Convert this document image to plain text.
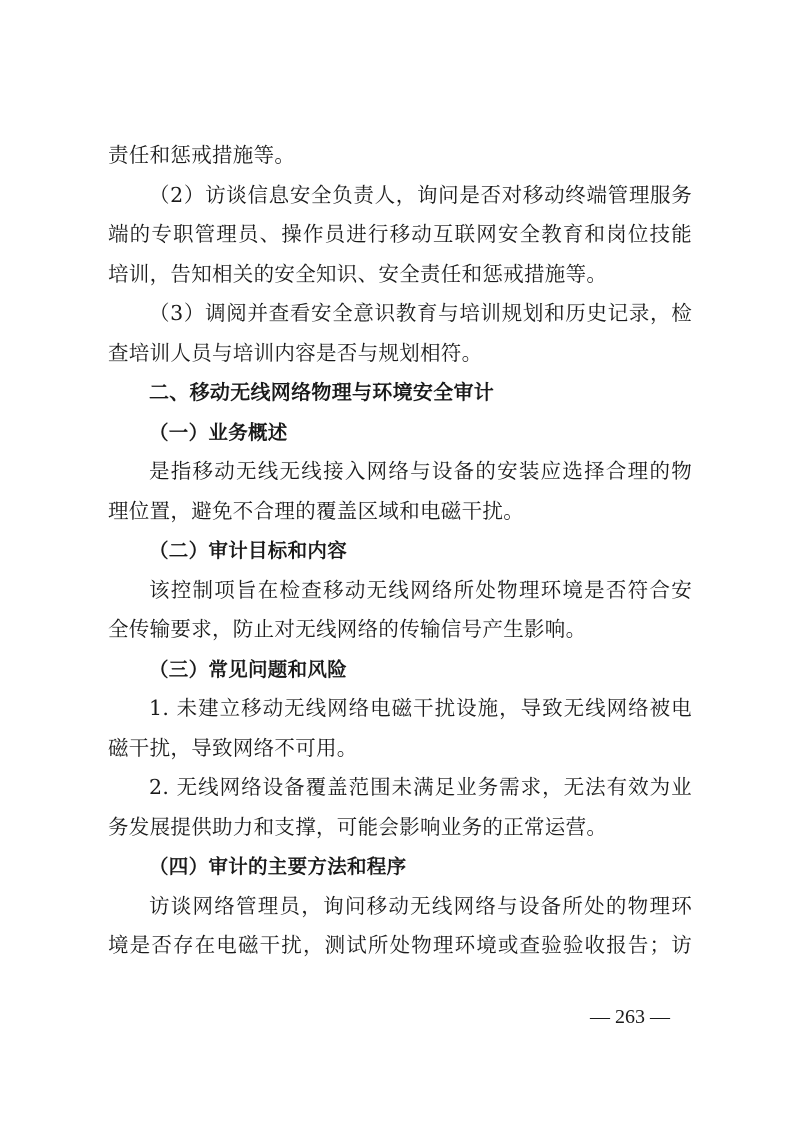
责任和惩戒措施等。
（2）访谈信息安全负责人，询问是否对移动终端管理服务
端的专职管理员、操作员进行移动互联网安全教育和岗位技能
培训，告知相关的安全知识、安全责任和惩戒措施等。
（3）调阅并查看安全意识教育与培训规划和历史记录，检
查培训人员与培训内容是否与规划相符。
二、移动无线网络物理与环境安全审计
（一）业务概述
是指移动无线无线接入网络与设备的安装应选择合理的物
理位置，避免不合理的覆盖区域和电磁干扰。
（二）审计目标和内容
该控制项旨在检查移动无线网络所处物理环境是否符合安
全传输要求，防止对无线网络的传输信号产生影响。
（三）常见问题和风险
1. 未建立移动无线网络电磁干扰设施，导致无线网络被电
磁干扰，导致网络不可用。
2. 无线网络设备覆盖范围未满足业务需求，无法有效为业
务发展提供助力和支撑，可能会影响业务的正常运营。
（四）审计的主要方法和程序
访谈网络管理员，询问移动无线网络与设备所处的物理环
境是否存在电磁干扰，测试所处物理环境或查验验收报告；访
— 263 —
